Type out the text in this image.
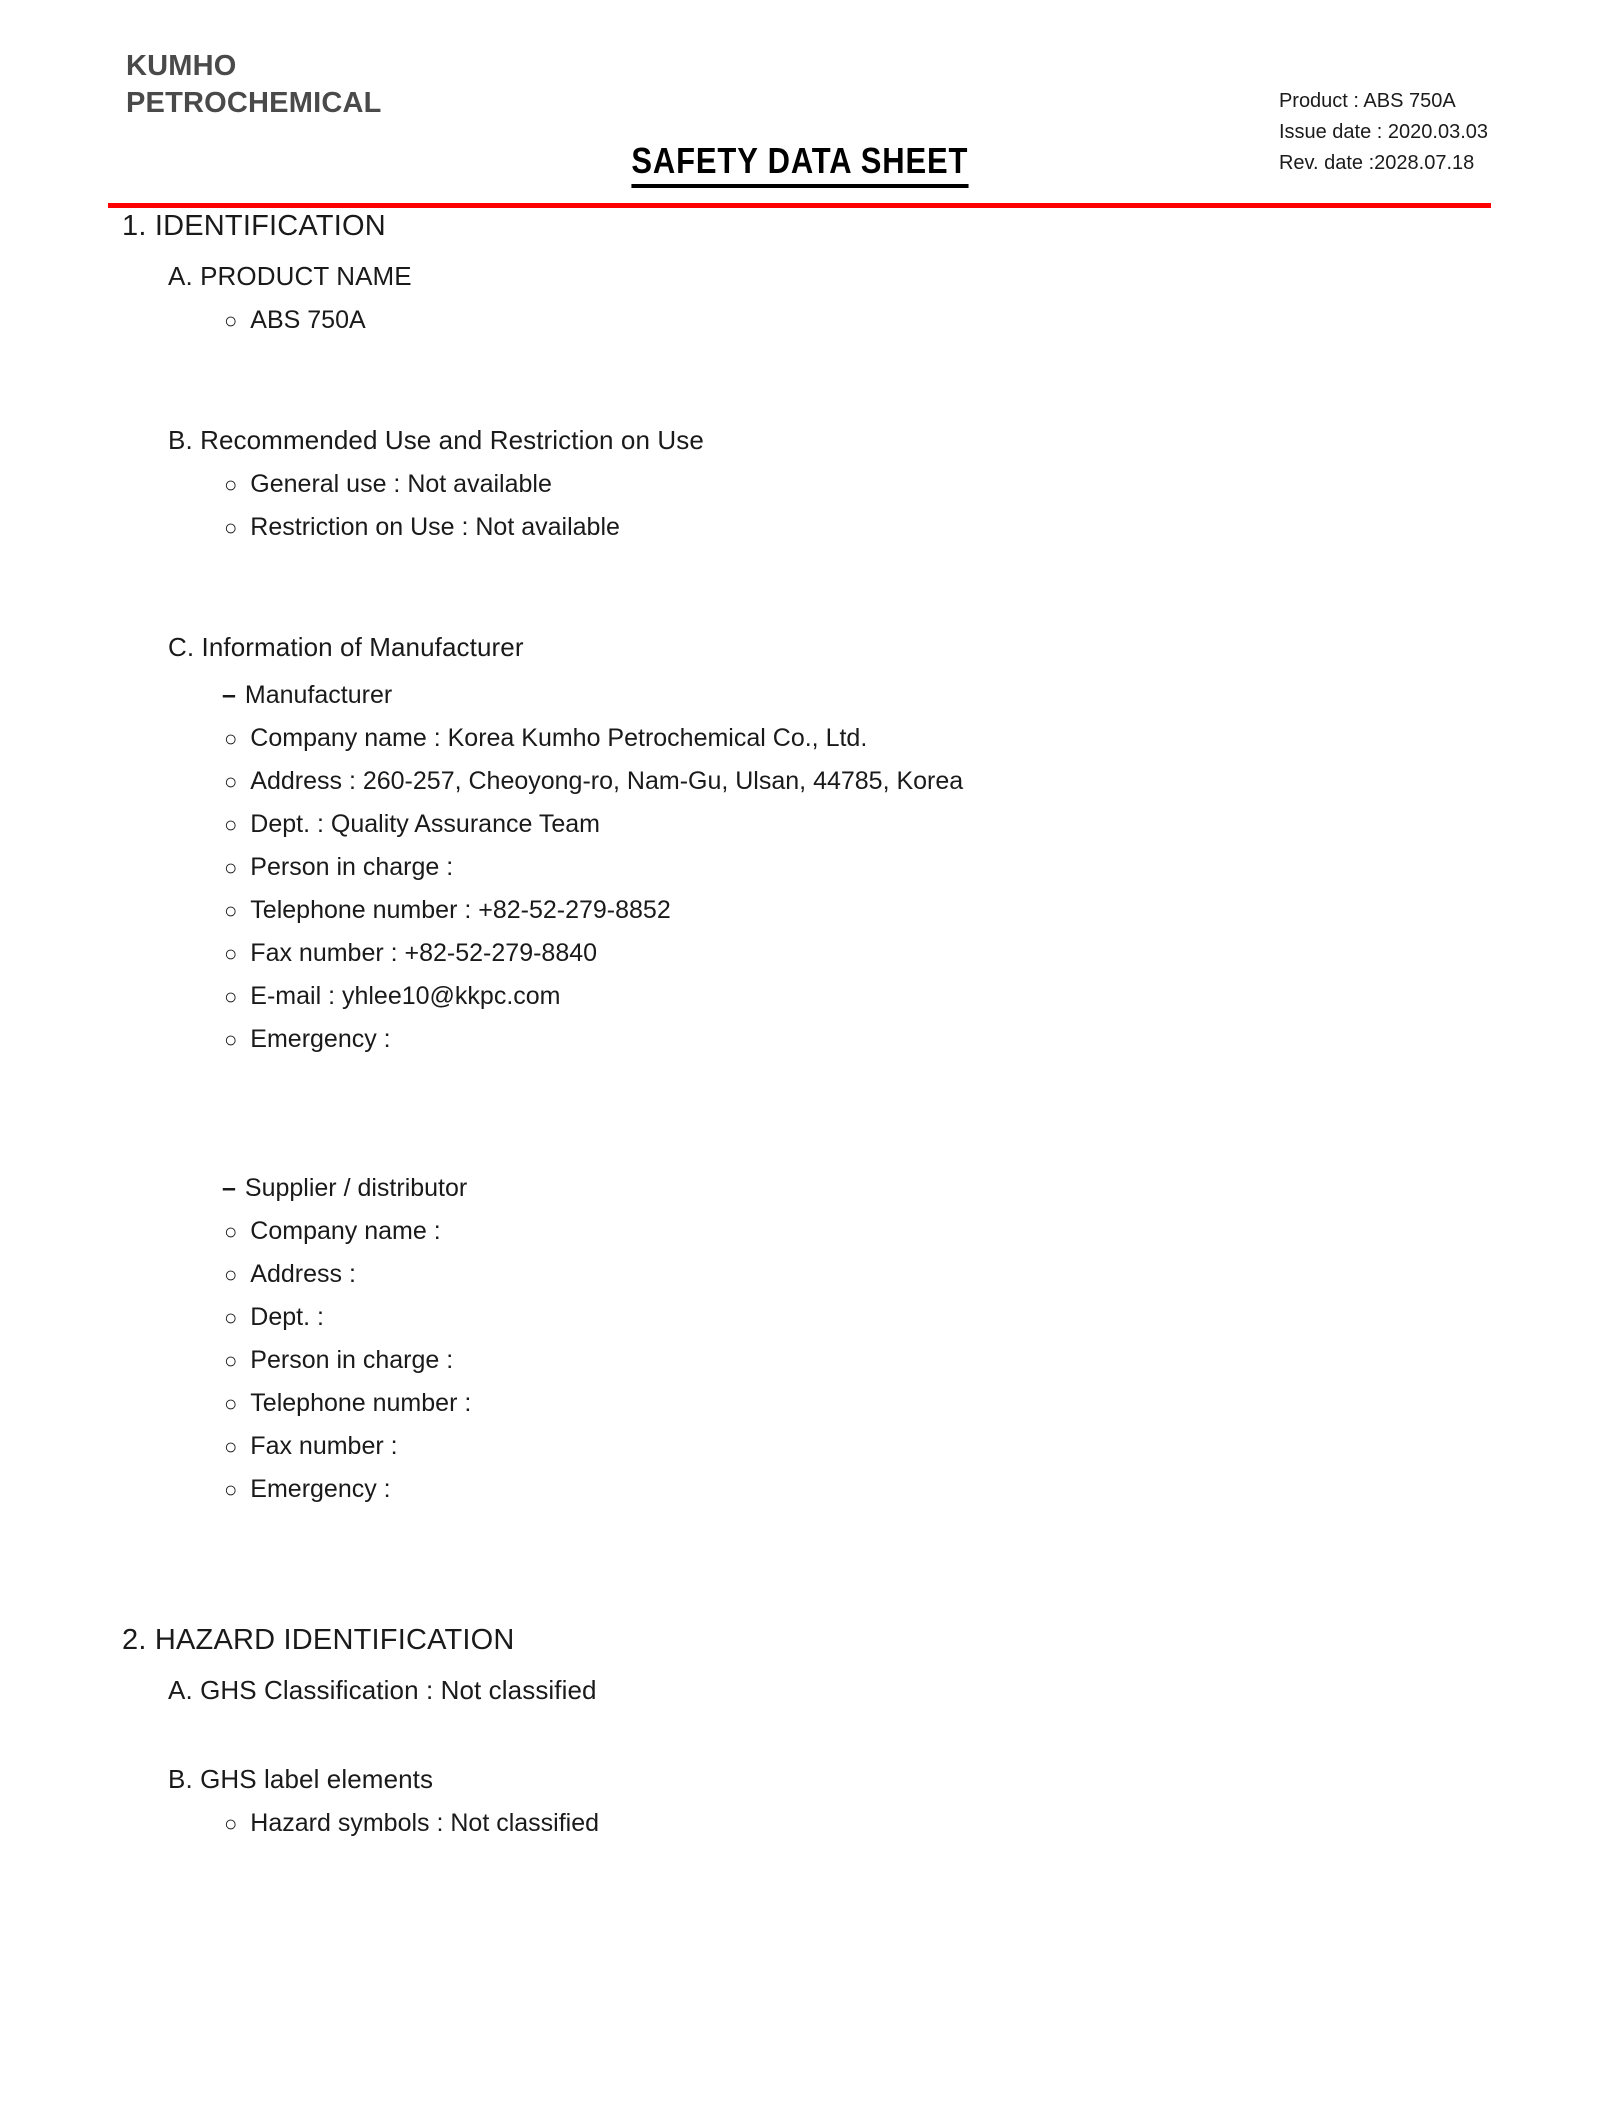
KUMHO
PETROCHEMICAL
SAFETY DATA SHEET
Product : ABS 750A
Issue date : 2020.03.03
Rev. date :2028.07.18
1. IDENTIFICATION
A. PRODUCT NAME
○ ABS 750A
B. Recommended Use and Restriction on Use
○ General use : Not available
○ Restriction on Use : Not available
C. Information of Manufacturer
– Manufacturer
○ Company name : Korea Kumho Petrochemical Co., Ltd.
○ Address : 260-257, Cheoyong-ro, Nam-Gu, Ulsan, 44785, Korea
○ Dept. : Quality Assurance Team
○ Person in charge :
○ Telephone number : +82-52-279-8852
○ Fax number : +82-52-279-8840
○ E-mail : yhlee10@kkpc.com
○ Emergency :
– Supplier / distributor
○ Company name :
○ Address :
○ Dept. :
○ Person in charge :
○ Telephone number :
○ Fax number :
○ Emergency :
2. HAZARD IDENTIFICATION
A. GHS Classification : Not classified
B. GHS label elements
○ Hazard symbols : Not classified
